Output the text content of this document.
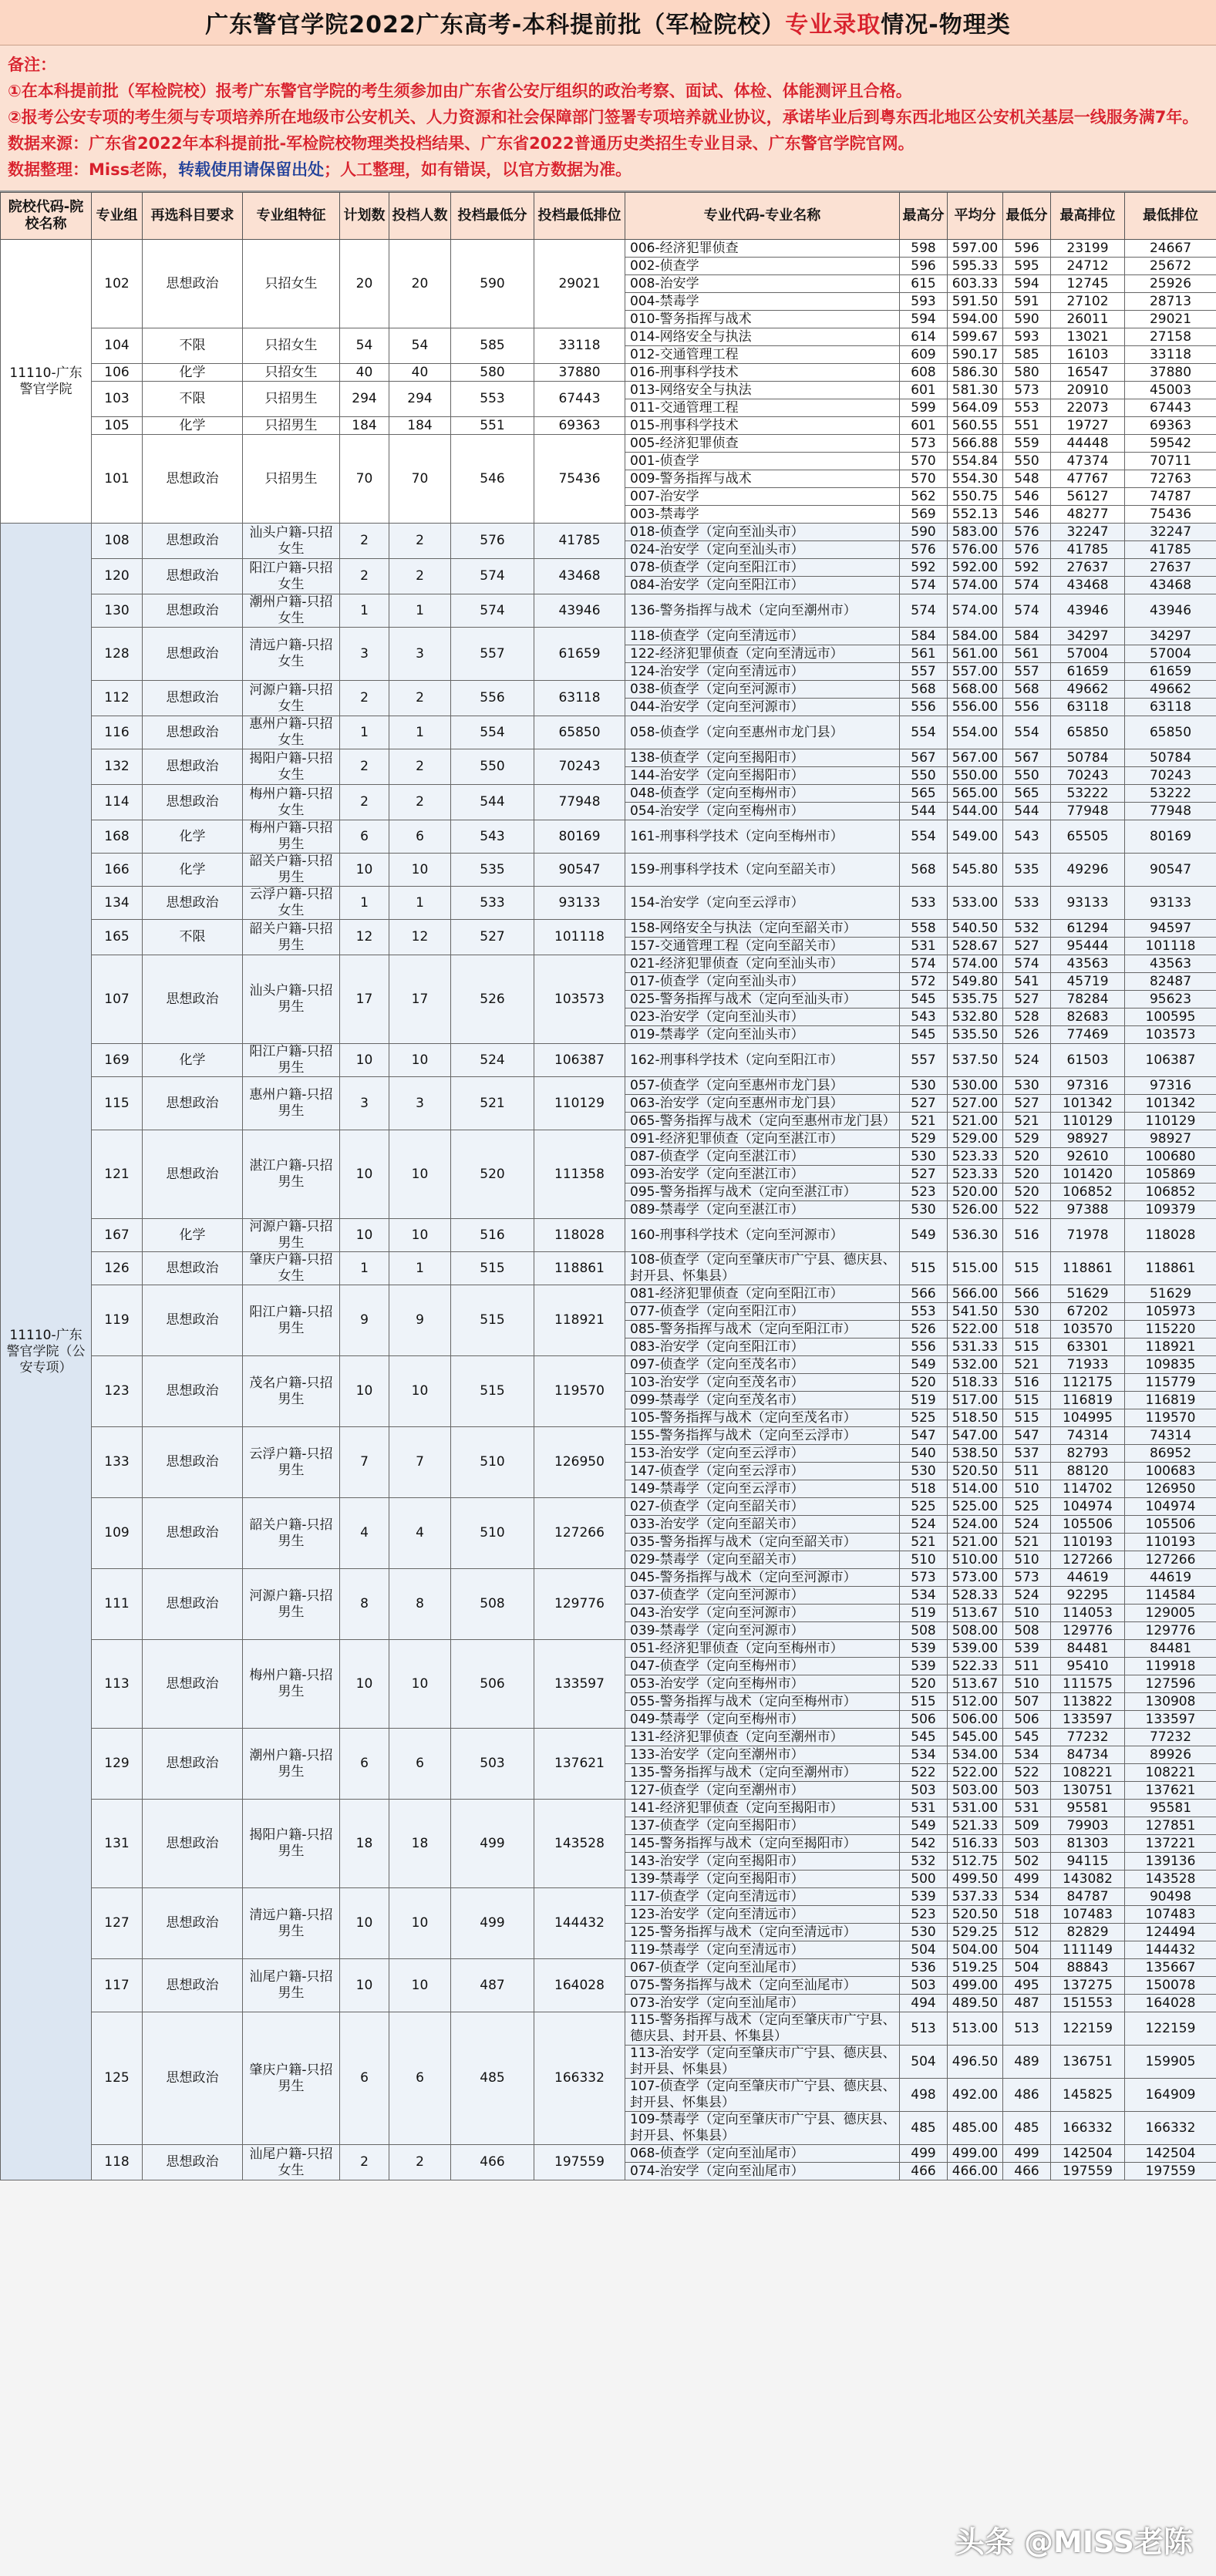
广东警官学院2022广东高考-本科提前批（军检院校） 专业录取 情况-物理类
备注：
①在本科提前批（军检院校）报考广东警官学院的考生须参加由广东省公安厅组织的政治考察、面试、体检、体能测评且合格。
②报考公安专项的考生须与专项培养所在地级市公安机关、人力资源和社会保障部门签署专项培养就业协议，承诺毕业后到粤东西北地区公安机关基层一线服务满7年。
数据来源：广东省2022年本科提前批-军检院校物理类投档结果、广东省2022普通历史类招生专业目录、广东警官学院官网。
数据整理：Miss老陈，转载使用请保留出处；人工整理，如有错误，以官方数据为准。
院校代码-院校名称	专业组	再选科目要求	专业组特征	计划数	投档人数	投档最低分	投档最低排位	专业代码-专业名称	最高分	平均分	最低分	最高排位	最低排位
11110-广东警官学院	102	思想政治	只招女生	20	20	590	29021	006-经济犯罪侦查	598	597.00	596	23199	24667
								002-侦查学	596	595.33	595	24712	25672
								008-治安学	615	603.33	594	12745	25926
								004-禁毒学	593	591.50	591	27102	28713
								010-警务指挥与战术	594	594.00	590	26011	29021
	104	不限	只招女生	54	54	585	33118	014-网络安全与执法	614	599.67	593	13021	27158
								012-交通管理工程	609	590.17	585	16103	33118
	106	化学	只招女生	40	40	580	37880	016-刑事科学技术	608	586.30	580	16547	37880
	103	不限	只招男生	294	294	553	67443	013-网络安全与执法	601	581.30	573	20910	45003
								011-交通管理工程	599	564.09	553	22073	67443
	105	化学	只招男生	184	184	551	69363	015-刑事科学技术	601	560.55	551	19727	69363
	101	思想政治	只招男生	70	70	546	75436	005-经济犯罪侦查	573	566.88	559	44448	59542
								001-侦查学	570	554.84	550	47374	70711
								009-警务指挥与战术	570	554.30	548	47767	72763
								007-治安学	562	550.75	546	56127	74787
								003-禁毒学	569	552.13	546	48277	75436
11110-广东警官学院（公安专项）	108	思想政治	汕头户籍-只招女生	2	2	576	41785	018-侦查学（定向至汕头市）	590	583.00	576	32247	32247
								024-治安学（定向至汕头市）	576	576.00	576	41785	41785
	120	思想政治	阳江户籍-只招女生	2	2	574	43468	078-侦查学（定向至阳江市）	592	592.00	592	27637	27637
								084-治安学（定向至阳江市）	574	574.00	574	43468	43468
	130	思想政治	潮州户籍-只招女生	1	1	574	43946	136-警务指挥与战术（定向至潮州市）	574	574.00	574	43946	43946
	128	思想政治	清远户籍-只招女生	3	3	557	61659	118-侦查学（定向至清远市）	584	584.00	584	34297	34297
								122-经济犯罪侦查（定向至清远市）	561	561.00	561	57004	57004
								124-治安学（定向至清远市）	557	557.00	557	61659	61659
	112	思想政治	河源户籍-只招女生	2	2	556	63118	038-侦查学（定向至河源市）	568	568.00	568	49662	49662
								044-治安学（定向至河源市）	556	556.00	556	63118	63118
	116	思想政治	惠州户籍-只招女生	1	1	554	65850	058-侦查学（定向至惠州市龙门县）	554	554.00	554	65850	65850
	132	思想政治	揭阳户籍-只招女生	2	2	550	70243	138-侦查学（定向至揭阳市）	567	567.00	567	50784	50784
								144-治安学（定向至揭阳市）	550	550.00	550	70243	70243
	114	思想政治	梅州户籍-只招女生	2	2	544	77948	048-侦查学（定向至梅州市）	565	565.00	565	53222	53222
								054-治安学（定向至梅州市）	544	544.00	544	77948	77948
	168	化学	梅州户籍-只招男生	6	6	543	80169	161-刑事科学技术（定向至梅州市）	554	549.00	543	65505	80169
	166	化学	韶关户籍-只招男生	10	10	535	90547	159-刑事科学技术（定向至韶关市）	568	545.80	535	49296	90547
	134	思想政治	云浮户籍-只招女生	1	1	533	93133	154-治安学（定向至云浮市）	533	533.00	533	93133	93133
	165	不限	韶关户籍-只招男生	12	12	527	101118	158-网络安全与执法（定向至韶关市）	558	540.50	532	61294	94597
								157-交通管理工程（定向至韶关市）	531	528.67	527	95444	101118
	107	思想政治	汕头户籍-只招男生	17	17	526	103573	021-经济犯罪侦查（定向至汕头市）	574	574.00	574	43563	43563
								017-侦查学（定向至汕头市）	572	549.80	541	45719	82487
								025-警务指挥与战术（定向至汕头市）	545	535.75	527	78284	95623
								023-治安学（定向至汕头市）	543	532.80	528	82683	100595
								019-禁毒学（定向至汕头市）	545	535.50	526	77469	103573
	169	化学	阳江户籍-只招男生	10	10	524	106387	162-刑事科学技术（定向至阳江市）	557	537.50	524	61503	106387
	115	思想政治	惠州户籍-只招男生	3	3	521	110129	057-侦查学（定向至惠州市龙门县）	530	530.00	530	97316	97316
								063-治安学（定向至惠州市龙门县）	527	527.00	527	101342	101342
								065-警务指挥与战术（定向至惠州市龙门县）	521	521.00	521	110129	110129
	121	思想政治	湛江户籍-只招男生	10	10	520	111358	091-经济犯罪侦查（定向至湛江市）	529	529.00	529	98927	98927
								087-侦查学（定向至湛江市）	530	523.33	520	92610	100680
								093-治安学（定向至湛江市）	527	523.33	520	101420	105869
								095-警务指挥与战术（定向至湛江市）	523	520.00	520	106852	106852
								089-禁毒学（定向至湛江市）	530	526.00	522	97388	109379
	167	化学	河源户籍-只招男生	10	10	516	118028	160-刑事科学技术（定向至河源市）	549	536.30	516	71978	118028
	126	思想政治	肇庆户籍-只招女生	1	1	515	118861	108-侦查学（定向至肇庆市广宁县、德庆县、封开县、怀集县）	515	515.00	515	118861	118861
	119	思想政治	阳江户籍-只招男生	9	9	515	118921	081-经济犯罪侦查（定向至阳江市）	566	566.00	566	51629	51629
								077-侦查学（定向至阳江市）	553	541.50	530	67202	105973
								085-警务指挥与战术（定向至阳江市）	526	522.00	518	103570	115220
								083-治安学（定向至阳江市）	556	531.33	515	63301	118921
	123	思想政治	茂名户籍-只招男生	10	10	515	119570	097-侦查学（定向至茂名市）	549	532.00	521	71933	109835
								103-治安学（定向至茂名市）	520	518.33	516	112175	115779
								099-禁毒学（定向至茂名市）	519	517.00	515	116819	116819
								105-警务指挥与战术（定向至茂名市）	525	518.50	515	104995	119570
	133	思想政治	云浮户籍-只招男生	7	7	510	126950	155-警务指挥与战术（定向至云浮市）	547	547.00	547	74314	74314
								153-治安学（定向至云浮市）	540	538.50	537	82793	86952
								147-侦查学（定向至云浮市）	530	520.50	511	88120	100683
								149-禁毒学（定向至云浮市）	518	514.00	510	114702	126950
	109	思想政治	韶关户籍-只招男生	4	4	510	127266	027-侦查学（定向至韶关市）	525	525.00	525	104974	104974
								033-治安学（定向至韶关市）	524	524.00	524	105506	105506
								035-警务指挥与战术（定向至韶关市）	521	521.00	521	110193	110193
								029-禁毒学（定向至韶关市）	510	510.00	510	127266	127266
	111	思想政治	河源户籍-只招男生	8	8	508	129776	045-警务指挥与战术（定向至河源市）	573	573.00	573	44619	44619
								037-侦查学（定向至河源市）	534	528.33	524	92295	114584
								043-治安学（定向至河源市）	519	513.67	510	114053	129005
								039-禁毒学（定向至河源市）	508	508.00	508	129776	129776
	113	思想政治	梅州户籍-只招男生	10	10	506	133597	051-经济犯罪侦查（定向至梅州市）	539	539.00	539	84481	84481
								047-侦查学（定向至梅州市）	539	522.33	511	95410	119918
								053-治安学（定向至梅州市）	520	513.67	510	111575	127596
								055-警务指挥与战术（定向至梅州市）	515	512.00	507	113822	130908
								049-禁毒学（定向至梅州市）	506	506.00	506	133597	133597
	129	思想政治	潮州户籍-只招男生	6	6	503	137621	131-经济犯罪侦查（定向至潮州市）	545	545.00	545	77232	77232
								133-治安学（定向至潮州市）	534	534.00	534	84734	89926
								135-警务指挥与战术（定向至潮州市）	522	522.00	522	108221	108221
								127-侦查学（定向至潮州市）	503	503.00	503	130751	137621
	131	思想政治	揭阳户籍-只招男生	18	18	499	143528	141-经济犯罪侦查（定向至揭阳市）	531	531.00	531	95581	95581
								137-侦查学（定向至揭阳市）	549	521.33	509	79903	127851
								145-警务指挥与战术（定向至揭阳市）	542	516.33	503	81303	137221
								143-治安学（定向至揭阳市）	532	512.75	502	94115	139136
								139-禁毒学（定向至揭阳市）	500	499.50	499	143082	143528
	127	思想政治	清远户籍-只招男生	10	10	499	144432	117-侦查学（定向至清远市）	539	537.33	534	84787	90498
								123-治安学（定向至清远市）	523	520.50	518	107483	107483
								125-警务指挥与战术（定向至清远市）	530	529.25	512	82829	124494
								119-禁毒学（定向至清远市）	504	504.00	504	111149	144432
	117	思想政治	汕尾户籍-只招男生	10	10	487	164028	067-侦查学（定向至汕尾市）	536	519.25	504	88843	135667
								075-警务指挥与战术（定向至汕尾市）	503	499.00	495	137275	150078
								073-治安学（定向至汕尾市）	494	489.50	487	151553	164028
	125	思想政治	肇庆户籍-只招男生	6	6	485	166332	115-警务指挥与战术（定向至肇庆市广宁县、德庆县、封开县、怀集县）	513	513.00	513	122159	122159
								113-治安学（定向至肇庆市广宁县、德庆县、封开县、怀集县）	504	496.50	489	136751	159905
								107-侦查学（定向至肇庆市广宁县、德庆县、封开县、怀集县）	498	492.00	486	145825	164909
								109-禁毒学（定向至肇庆市广宁县、德庆县、封开县、怀集县）	485	485.00	485	166332	166332
	118	思想政治	汕尾户籍-只招女生	2	2	466	197559	068-侦查学（定向至汕尾市）	499	499.00	499	142504	142504
								074-治安学（定向至汕尾市）	466	466.00	466	197559	197559
头条 @MISS老陈
